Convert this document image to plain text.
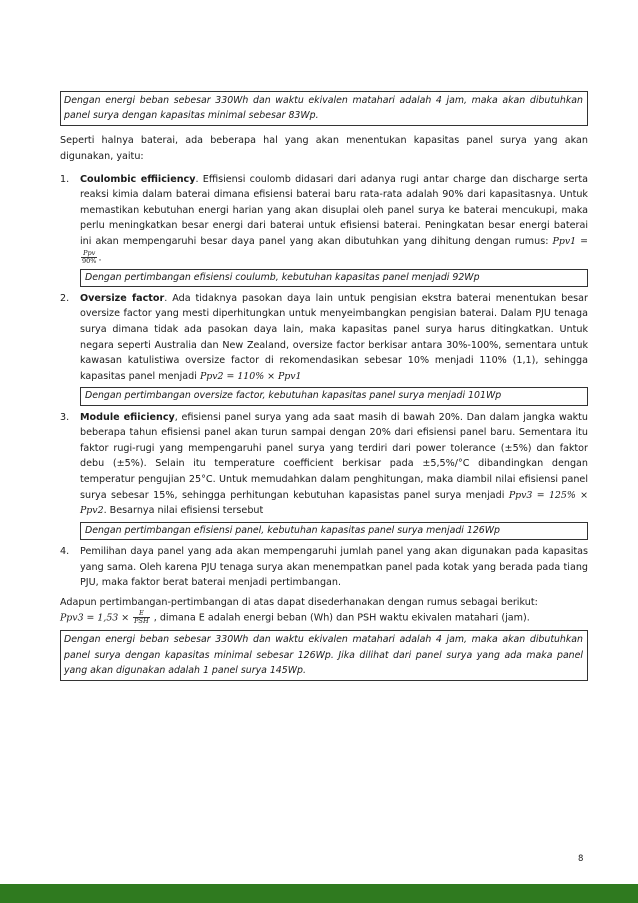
Dengan energi beban sebesar 330Wh dan waktu ekivalen matahari adalah 4 jam, maka akan dibutuhkan panel surya dengan kapasitas minimal sebesar 83Wp.

Seperti halnya baterai, ada beberapa hal yang akan menentukan kapasitas panel surya yang akan digunakan, yaitu:

1. Coulombic effiiciency. Effisiensi coulomb didasari dari adanya rugi antar charge dan discharge serta reaksi kimia dalam baterai dimana efisiensi baterai baru rata-rata adalah 90% dari kapasitasnya. Untuk memastikan kebutuhan energi harian yang akan disuplai oleh panel surya ke baterai mencukupi, maka perlu meningkatkan besar energi dari baterai untuk efisiensi baterai. Peningkatan besar energi baterai ini akan mempengaruhi besar daya panel yang akan dibutuhkan yang dihitung dengan rumus: Ppv1 =
$\frac{\text{Ppv}}{90\%}$ .
Dengan pertimbangan efisiensi coulumb, kebutuhan kapasitas panel menjadi 92Wp
2. Oversize factor. Ada tidaknya pasokan daya lain untuk pengisian ekstra baterai menentukan besar oversize factor yang mesti diperhitungkan untuk menyeimbangkan pengisian baterai. Dalam PJU tenaga surya dimana tidak ada pasokan daya lain, maka kapasitas panel surya harus ditingkatkan. Untuk negara seperti Australia dan New Zealand, oversize factor berkisar antara 30%-100%, sementara untuk kawasan katulistiwa oversize factor di rekomendasikan sebesar 10% menjadi 110% (1,1), sehingga kapasitas panel menjadi Ppv2 = 110% × Ppv1
Dengan pertimbangan oversize factor, kebutuhan kapasitas panel surya menjadi 101Wp
3. Module efiiciency, efisiensi panel surya yang ada saat masih di bawah 20%. Dan dalam jangka waktu beberapa tahun efisiensi panel akan turun sampai dengan 20% dari efisiensi panel baru. Sementara itu faktor rugi-rugi yang mempengaruhi panel surya yang terdiri dari power tolerance (±5%) dan faktor debu (±5%). Selain itu temperature coefficient berkisar pada ±5,5%/°C dibandingkan dengan temperatur pengujian 25°C. Untuk memudahkan dalam penghitungan, maka diambil nilai efisiensi panel surya sebesar 15%, sehingga perhitungan kebutuhan kapasistas panel surya menjadi Ppv3 = 125% × Ppv2. Besarnya nilai efisiensi tersebut
Dengan pertimbangan efisiensi panel, kebutuhan kapasitas panel surya menjadi 126Wp
4. Pemilihan daya panel yang ada akan mempengaruhi jumlah panel yang akan digunakan pada kapasitas yang sama. Oleh karena PJU tenaga surya akan menempatkan panel pada kotak yang berada pada tiang PJU, maka faktor berat baterai menjadi pertimbangan.

Adapun pertimbangan-pertimbangan di atas dapat disederhanakan dengan rumus sebagai berikut:
$Ppv3 = 1,53 \times \frac{E}{\text{PSH}}$ , dimana E adalah energi beban (Wh) dan PSH waktu ekivalen matahari (jam).

Dengan energi beban sebesar 330Wh dan waktu ekivalen matahari adalah 4 jam, maka akan dibutuhkan panel surya dengan kapasitas minimal sebesar 126Wp. Jika dilihat dari panel surya yang ada maka panel yang akan digunakan adalah 1 panel surya 145Wp.
8
